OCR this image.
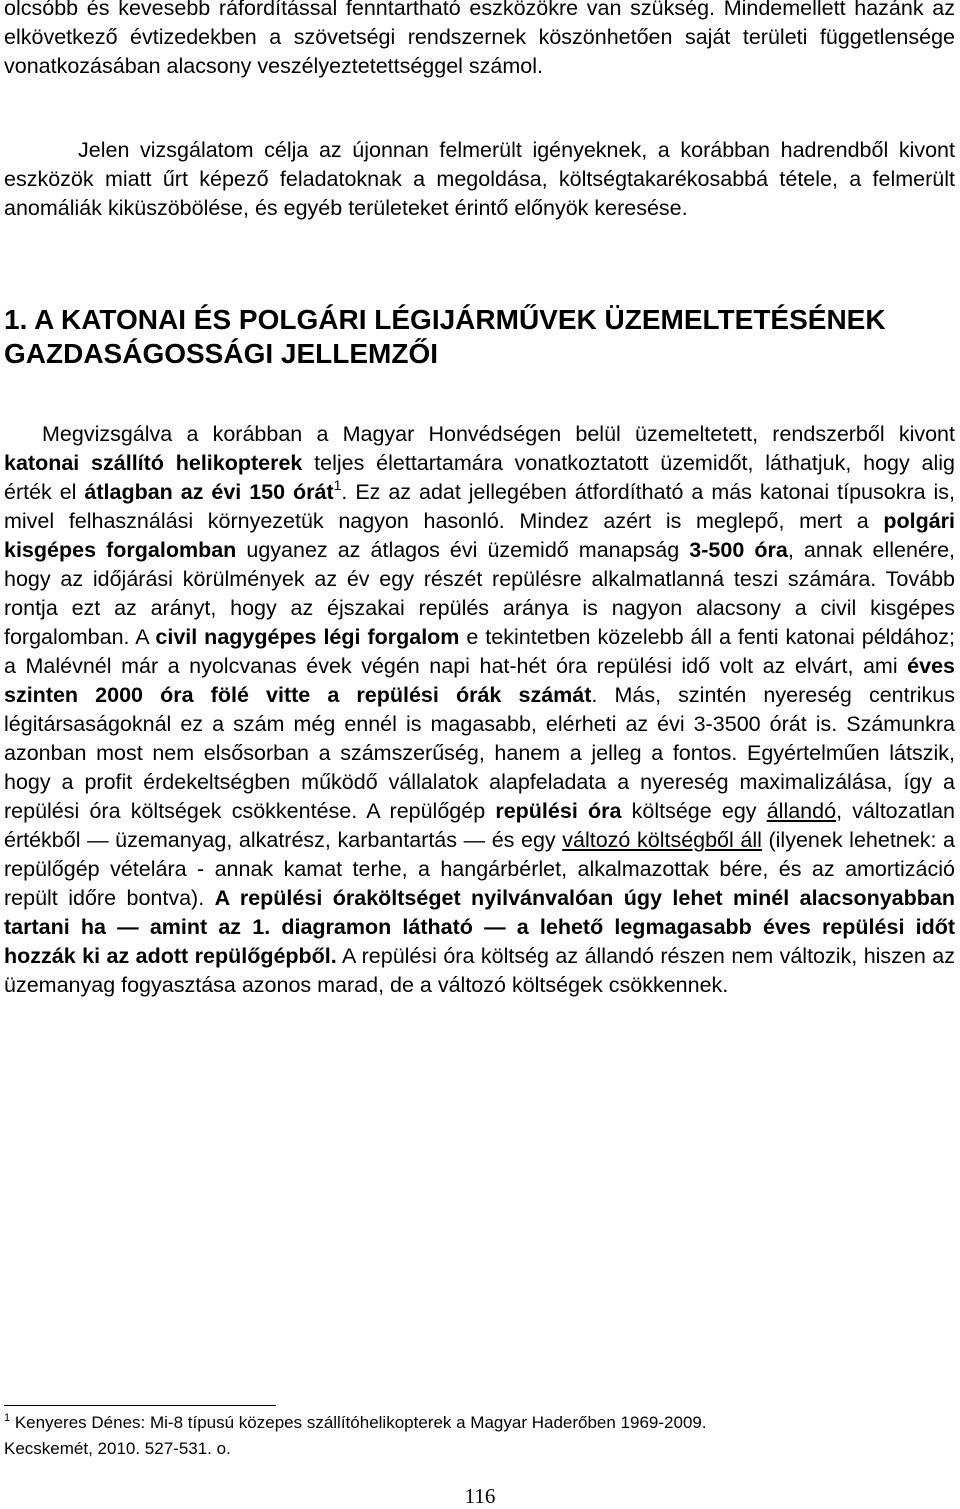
olcsóbb és kevesebb ráfordítással fenntartható eszközökre van szükség. Mindemellett hazánk az elkövetkező évtizedekben a szövetségi rendszernek köszönhetően saját területi függetlensége vonatkozásában alacsony veszélyeztetettséggel számol.

Jelen vizsgálatom célja az újonnan felmerült igényeknek, a korábban hadrendből kivont eszközök miatt űrt képező feladatoknak a megoldása, költségtakarékosabbá tétele, a felmerült anomáliák kiküszöbölése, és egyéb területeket érintő előnyök keresése.

1. A KATONAI ÉS POLGÁRI LÉGIJÁRMŰVEK ÜZEMELTETÉSÉNEK GAZDASÁGOSSÁGI JELLEMZŐI

Megvizsgálva a korábban a Magyar Honvédségen belül üzemeltetett, rendszerből kivont katonai szállító helikopterek teljes élettartamára vonatkoztatott üzemidőt, láthatjuk, hogy alig érték el átlagban az évi 150 órát$^1$. Ez az adat jellegében átfordítható a más katonai típusokra is, mivel felhasználási környezetük nagyon hasonló. Mindez azért is meglepő, mert a polgári kisgépes forgalomban ugyanez az átlagos évi üzemidő manapság 3-500 óra, annak ellenére, hogy az időjárási körülmények az év egy részét repülésre alkalmatlanná teszi számára. Tovább rontja ezt az arányt, hogy az éjszakai repülés aránya is nagyon alacsony a civil kisgépes forgalomban. A civil nagygépes légi forgalom e tekintetben közelebb áll a fenti katonai példához; a Malévnél már a nyolcvanas évek végén napi hat-hét óra repülési idő volt az elvárt, ami éves szinten 2000 óra fölé vitte a repülési órák számát. Más, szintén nyereség centrikus légitársaságoknál ez a szám még ennél is magasabb, elérheti az évi 3-3500 órát is. Számunkra azonban most nem elsősorban a számszerűség, hanem a jelleg a fontos. Egyértelműen látszik, hogy a profit érdekeltségben működő vállalatok alapfeladata a nyereség maximalizálása, így a repülési óra költségek csökkentése. A repülőgép repülési óra költsége egy állandó, változatlan értékből — üzemanyag, alkatrész, karbantartás — és egy változó költségből áll (ilyenek lehetnek: a repülőgép vételára - annak kamat terhe, a hangárbérlet, alkalmazottak bére, és az amortizáció repült időre bontva). A repülési óraköltséget nyilvánvalóan úgy lehet minél alacsonyabban tartani ha — amint az 1. diagramon látható — a lehető legmagasabb éves repülési időt hozzák ki az adott repülőgépből. A repülési óra költség az állandó részen nem változik, hiszen az üzemanyag fogyasztása azonos marad, de a változó költségek csökkennek.

$^1$ Kenyeres Dénes: Mi-8 típusú közepes szállítóhelikopterek a Magyar Haderőben 1969-2009.
Kecskemét, 2010. 527-531. o.
116
